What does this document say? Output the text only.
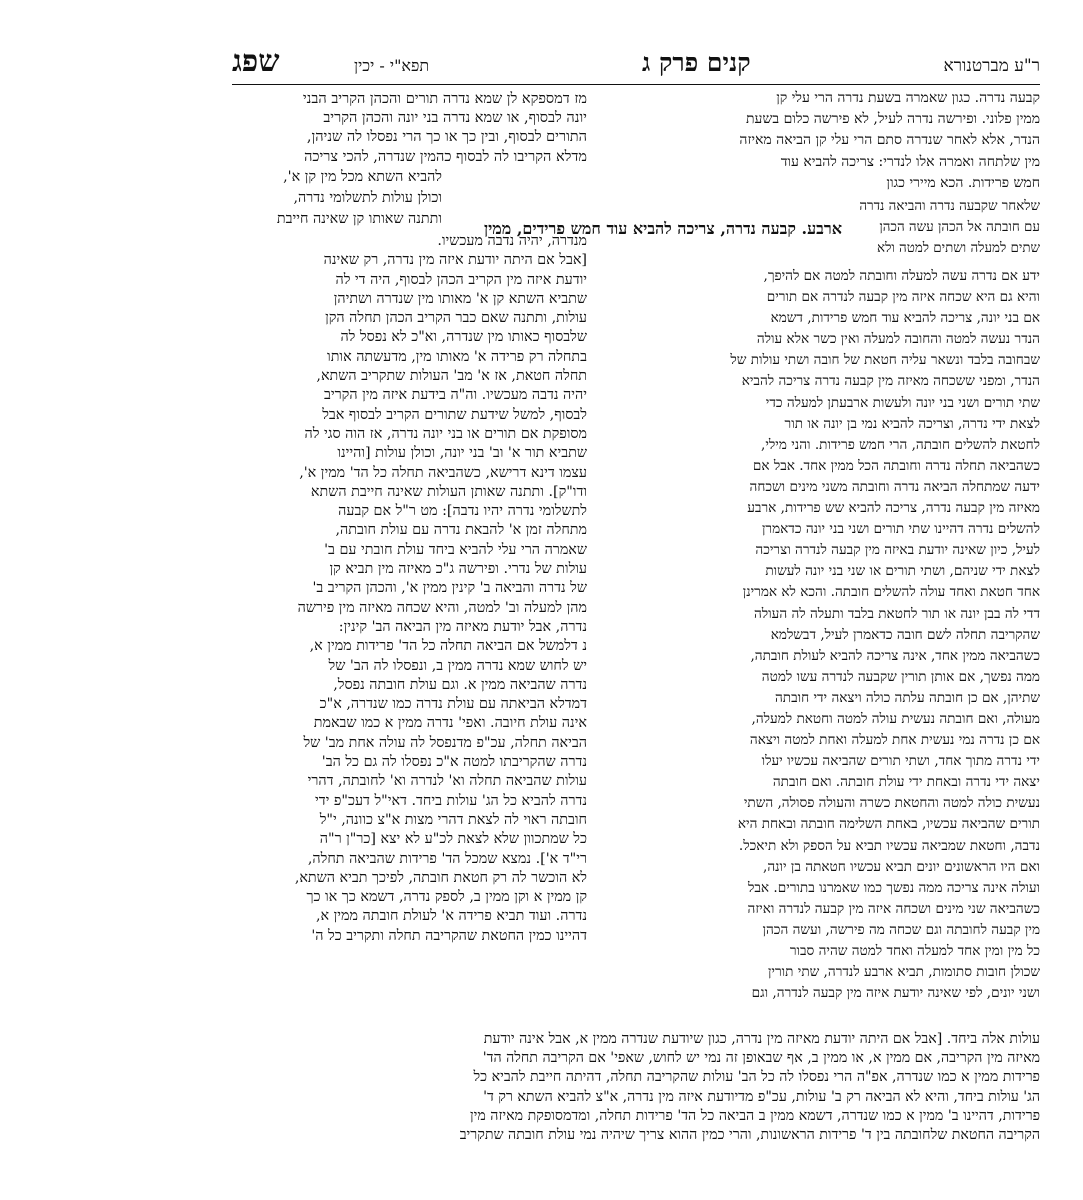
שפג	תפא"י - יכין	קנים פרק ג	ר"ע מברטנורא
קבעה נדרה. כגון שאמרה בשעת נדרה הרי עלי קן
ממין פלוני. ופירשה נדרה לעיל, לא פירשה כלום בשעת
הנדר, אלא לאחר שנדרה סתם הרי עלי קן הביאה מאיזה
מין שלתחה ואמרה אלו לנדרי: צריכה להביא עוד
חמש פרידות. הכא מיירי כגון
שלאחר שקבעה נדרה והביאה נדרה
עם חובתה אל הכהן עשה הכהן
שתים למעלה ושתים למטה ולא
ארבע. קבעה נדרה, צריכה להביא עוד חמש פרידים, ממין
ידע אם נדרה עשה למעלה וחובתה למטה אם להיפך,
והיא גם היא שכחה איזה מין קבעה לנדרה אם תורים
אם בני יונה, צריכה להביא עוד חמש פרידות, דשמא
הנדר נעשה למטה והחובה למעלה ואין כשר אלא עולה
שבחובה בלבד ונשאר עליה חטאת של חובה ושתי עולות של
הנדר, ומפני ששכחה מאיזה מין קבעה נדרה צריכה להביא
שתי תורים ושני בני יונה ולעשות ארבעתן למעלה כדי
לצאת ידי נדרה, וצריכה להביא נמי בן יונה או תור
לחטאת להשלים חובתה, הרי חמש פרידות. והני מילי,
כשהביאה תחלה נדרה וחובתה הכל ממין אחד. אבל אם
ידעה שמתחלה הביאה נדרה וחובתה משני מינים ושכחה
מאיזה מין קבעה נדרה, צריכה להביא שש פרידות, ארבע
להשלים נדרה דהיינו שתי תורים ושני בני יונה כדאמרן
לעיל, כיון שאינה יודעת באיזה מין קבעה לנדרה וצריכה
לצאת ידי שניהם, ושתי תורים או שני בני יונה לעשות
אחד חטאת ואחד עולה להשלים חובתה. והכא לא אמרינן
דדי לה בבן יונה או תור לחטאת בלבד ותעלה לה העולה
שהקריבה תחלה לשם חובה כדאמרן לעיל, דבשלמא
כשהביאה ממין אחד, אינה צריכה להביא לעולת חובתה,
ממה נפשך, אם אותן תורין שקבעה לנדרה עשו למטה
שתיהן, אם כן חובתה עלתה כולה ויצאה ידי חובתה
מעולה, ואם חובתה נעשית עולה למטה וחטאת למעלה,
אם כן נדרה נמי נעשית אחת למעלה ואחת למטה ויצאה
ידי נדרה מתוך אחד, ושתי תורים שהביאה עכשיו יעלו
יצאה ידי נדרה ובאחת ידי עולת חובתה. ואם חובתה
נעשית כולה למטה והחטאת כשרה והעולה פסולה, השתי
תורים שהביאה עכשיו, באחת השלימה חובתה ובאחת היא
נדבה, וחטאת שמביאה עכשיו תביא על הספק ולא תיאכל.
ואם היו הראשונים יונים תביא עכשיו חטאתה בן יונה,
ועולה אינה צריכה ממה נפשך כמו שאמרנו בתורים. אבל
כשהביאה שני מינים ושכחה איזה מין קבעה לנדרה ואיזה
מין קבעה לחובתה וגם שכחה מה פירשה, ועשה הכהן
כל מין ומין אחד למעלה ואחד למטה שהיה סבור
שכולן חובות סתומות, תביא ארבע לנדרה, שתי תורין
ושני יונים, לפי שאינה יודעת איזה מין קבעה לנדרה, וגם
מז דמספקא לן שמא נדרה תורים והכהן הקריב הבני
יונה לבסוף, או שמא נדרה בני יונה והכהן הקריב
התורים לבסוף, ובין כך או כך הרי נפסלו לה שניהן,
מדלא הקריבו לה לבסוף כהמין שנדרה, להכי צריכה
להביא השתא מכל מין קן א',
וכולן עולות לתשלומי נדרה,
ותתנה שאותו קן שאינה חייבת
מנדרה, יהיה נדבה מעכשיו.
[אבל אם היתה יודעת איזה מין נדרה, רק שאינה
יודעת איזה מין הקריב הכהן לבסוף, היה די לה
שתביא השתא קן א' מאותו מין שנדרה ושתיהן
עולות, ותתנה שאם כבר הקריב הכהן תחלה הקן
שלבסוף כאותו מין שנדרה, וא"כ לא נפסל לה
בתחלה רק פרידה א' מאותו מין, מדעשתה אותו
תחלה חטאת, אז א' מב' העולות שתקריב השתא,
יהיה נדבה מעכשיו. וה"ה בידעת איזה מין הקריב
לבסוף, למשל שידעת שתורים הקריב לבסוף אבל
מסופקת אם תורים או בני יונה נדרה, אז הוה סגי לה
שתביא תור א' וב' בני יונה, וכולן עולות [והיינו
עצמו דינא דרישא, כשהביאה תחלה כל הד' ממין א',
ודו"ק]. ותתנה שאותן העולות שאינה חייבת השתא
לתשלומי נדרה יהיו נדבה]: מט ר"ל אם קבעה
מתחלה זמן א' להבאת נדרה עם עולת חובתה,
שאמרה הרי עלי להביא ביחד עולת חובתי עם ב'
עולות של נדרי. ופירשה ג"כ מאיזה מין תביא קן
של נדרה והביאה ב' קינין ממין א', והכהן הקריב ב'
מהן למעלה וב' למטה, והיא שכחה מאיזה מין פירשה
נדרה, אבל יודעת מאיזה מין הביאה הב' קינין:
נ דלמשל אם הביאה תחלה כל הד' פרידות ממין א,
יש לחוש שמא נדרה ממין ב, ונפסלו לה הב' של
נדרה שהביאה ממין א. וגם עולת חובתה נפסל,
דמדלא הביאתה עם עולת נדרה כמו שנדרה, א"כ
אינה עולת חיובה. ואפי' נדרה ממין א כמו שבאמת
הביאה תחלה, עכ"פ מדנפסל לה עולה אחת מב' של
נדרה שהקריבתו למטה א"כ נפסלו לה גם כל הב'
עולות שהביאה תחלה וא' לנדרה וא' לחובתה, דהרי
נדרה להביא כל הג' עולות ביחד. דאי"ל דעכ"פ ידי
חובתה ראוי לה לצאת דהרי מצות א"צ כוונה, י"ל
כל שמתכוון שלא לצאת לכ"ע לא יצא [כר"ן ר"ה
רי"ד א']. נמצא שמכל הד' פרידות שהביאה תחלה,
לא הוכשר לה רק חטאת חובתה, לפיכך תביא השתא,
קן ממין א וקן ממין ב, לספק נדרה, דשמא כך או כך
נדרה. ועוד תביא פרידה א' לעולת חובתה ממין א,
דהיינו כמין החטאת שהקריבה תחלה ותקריב כל ה'
עולות אלה ביחד. [אבל אם היתה יודעת מאיזה מין נדרה, כגון שיודעת שנדרה ממין א, אבל אינה יודעת
מאיזה מין הקריבה, אם ממין א, או ממין ב, אף שבאופן זה נמי יש לחוש, שאפי' אם הקריבה תחלה הד'
פרידות ממין א כמו שנדרה, אפ"ה הרי נפסלו לה כל הב' עולות שהקריבה תחלה, דהיתה חייבת להביא כל
הג' עולות ביחד, והיא לא הביאה רק ב' עולות, עכ"פ מדיודעת איזה מין נדרה, א"צ להביא השתא רק ד'
פרידות, דהיינו ב' ממין א כמו שנדרה, דשמא ממין ב הביאה כל הד' פרידות תחלה, ומדמסופקת מאיזה מין
הקריבה החטאת שלחובתה בין ד' פרידות הראשונות, והרי כמין ההוא צריך שיהיה נמי עולת חובתה שתקריב
